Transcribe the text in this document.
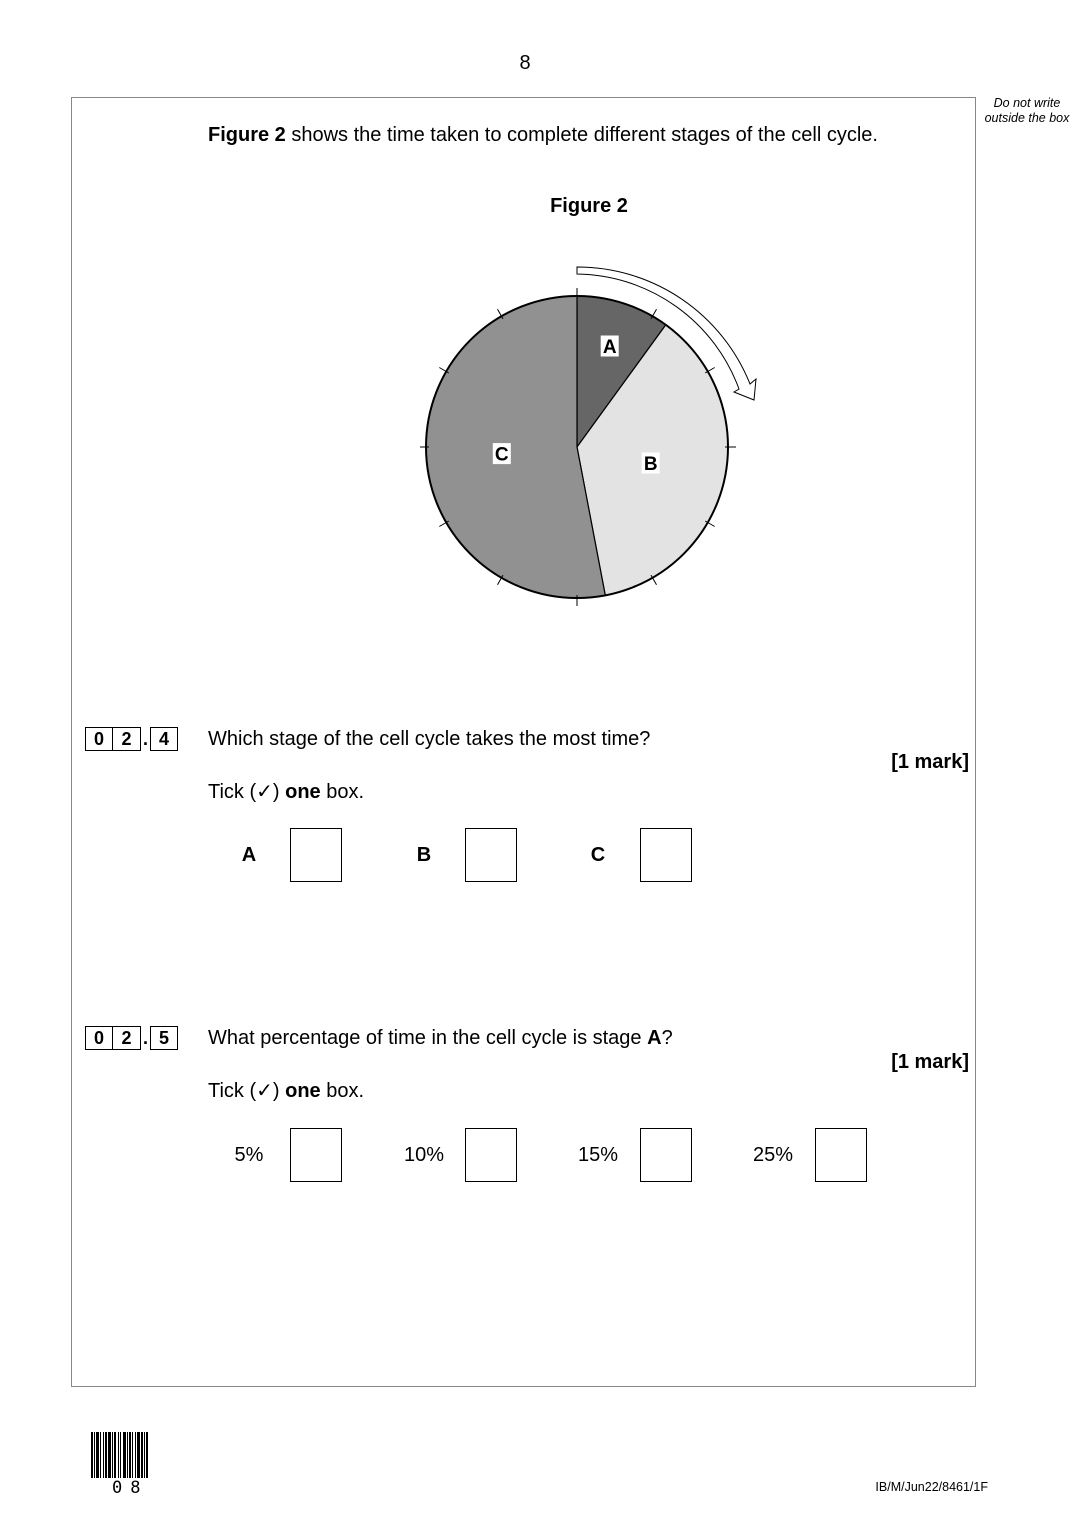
8
Do not write outside the box
Figure 2 shows the time taken to complete different stages of the cell cycle.
Figure 2
A
B
C
0 2 . 4	Which stage of the cell cycle takes the most time?
[1 mark]
Tick (✓) one box.
A	B	C
0 2 . 5	What percentage of time in the cell cycle is stage A?
[1 mark]
Tick (✓) one box.
5%	10%	15%	25%
08	IB/M/Jun22/8461/1F
